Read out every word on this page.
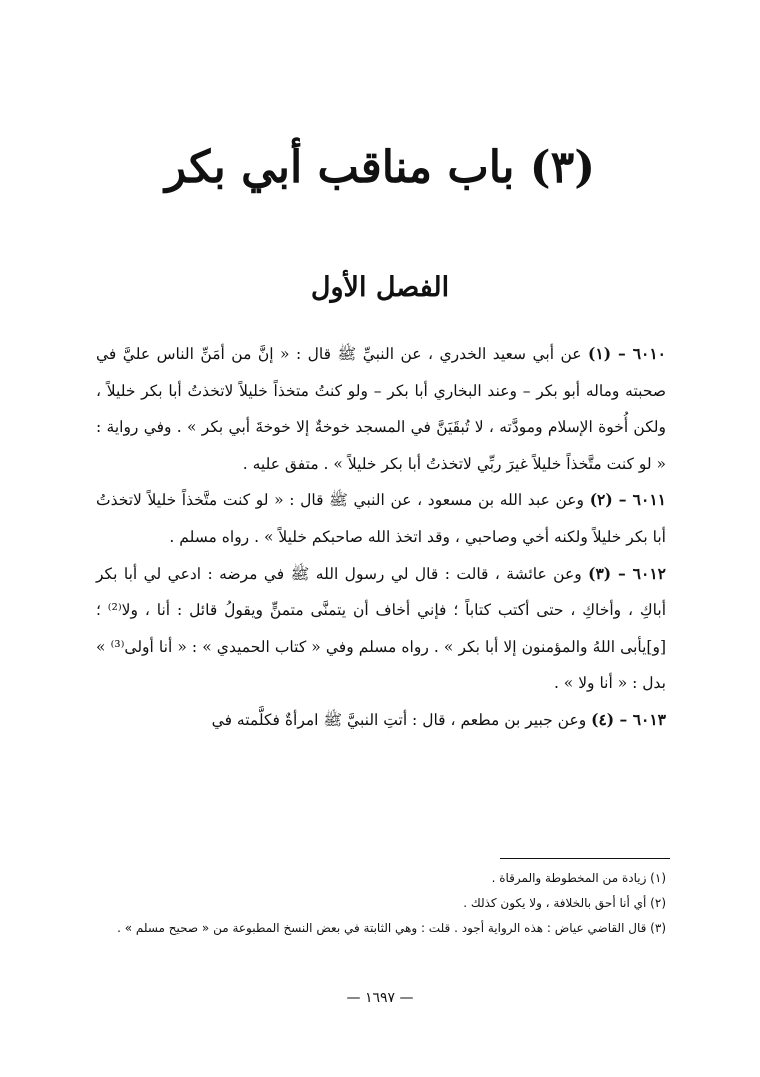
(٣) باب مناقب أبي بكر
الفصل الأول

٦٠١٠ – (١) عن أبي سعيد الخدري ، عن النبيِّ ﷺ قال : « إنَّ من أمَنِّ الناس عليَّ في صحبته وماله أبو بكر – وعند البخاري أبا بكر – ولو كنتُ متخذاً خليلاً لاتخذتُ أبا بكر خليلاً ، ولكن أُخوة الإسلام ومودَّته ، لا تُبقَيَنَّ في المسجد خوخةٌ إلا خوخةَ أبي بكر » . وفي رواية : « لو كنت متَّخذاً خليلاً غيرَ ربِّي لاتخذتُ أبا بكر خليلاً » . متفق عليه .

٦٠١١ – (٢) وعن عبد الله بن مسعود ، عن النبي ﷺ قال : « لو كنت متَّخذاً خليلاً لاتخذتُ أبا بكر خليلاً ولكنه أخي وصاحبي ، وقد اتخذ الله صاحبكم خليلاً » . رواه مسلم .

٦٠١٢ – (٣) وعن عائشة ، قالت : قال لي رسول الله ﷺ في مرضه : ادعي لي أبا بكر أباكِ ، وأخاكِ ، حتى أكتب كتاباً ؛ فإني أخاف أن يتمنَّى متمنٍّ ويقولُ قائل : أنا ، ولا⁽²⁾ ؛ [و]يأبى اللهُ والمؤمنون إلا أبا بكر » . رواه مسلم وفي « كتاب الحميدي » : « أنا أولى⁽³⁾ » بدل : « أنا ولا » .

٦٠١٣ – (٤) وعن جبير بن مطعم ، قال : أتتِ النبيَّ ﷺ امرأةٌ فكلَّمته في

(١) زيادة من المخطوطة والمرقاة .

(٢) أي أنا أحق بالخلافة ، ولا يكون كذلك .

(٣) قال القاضي عياض : هذه الرواية أجود . قلت : وهي الثابتة في بعض النسخ المطبوعة من « صحيح مسلم » .

— ١٦٩٧ —
